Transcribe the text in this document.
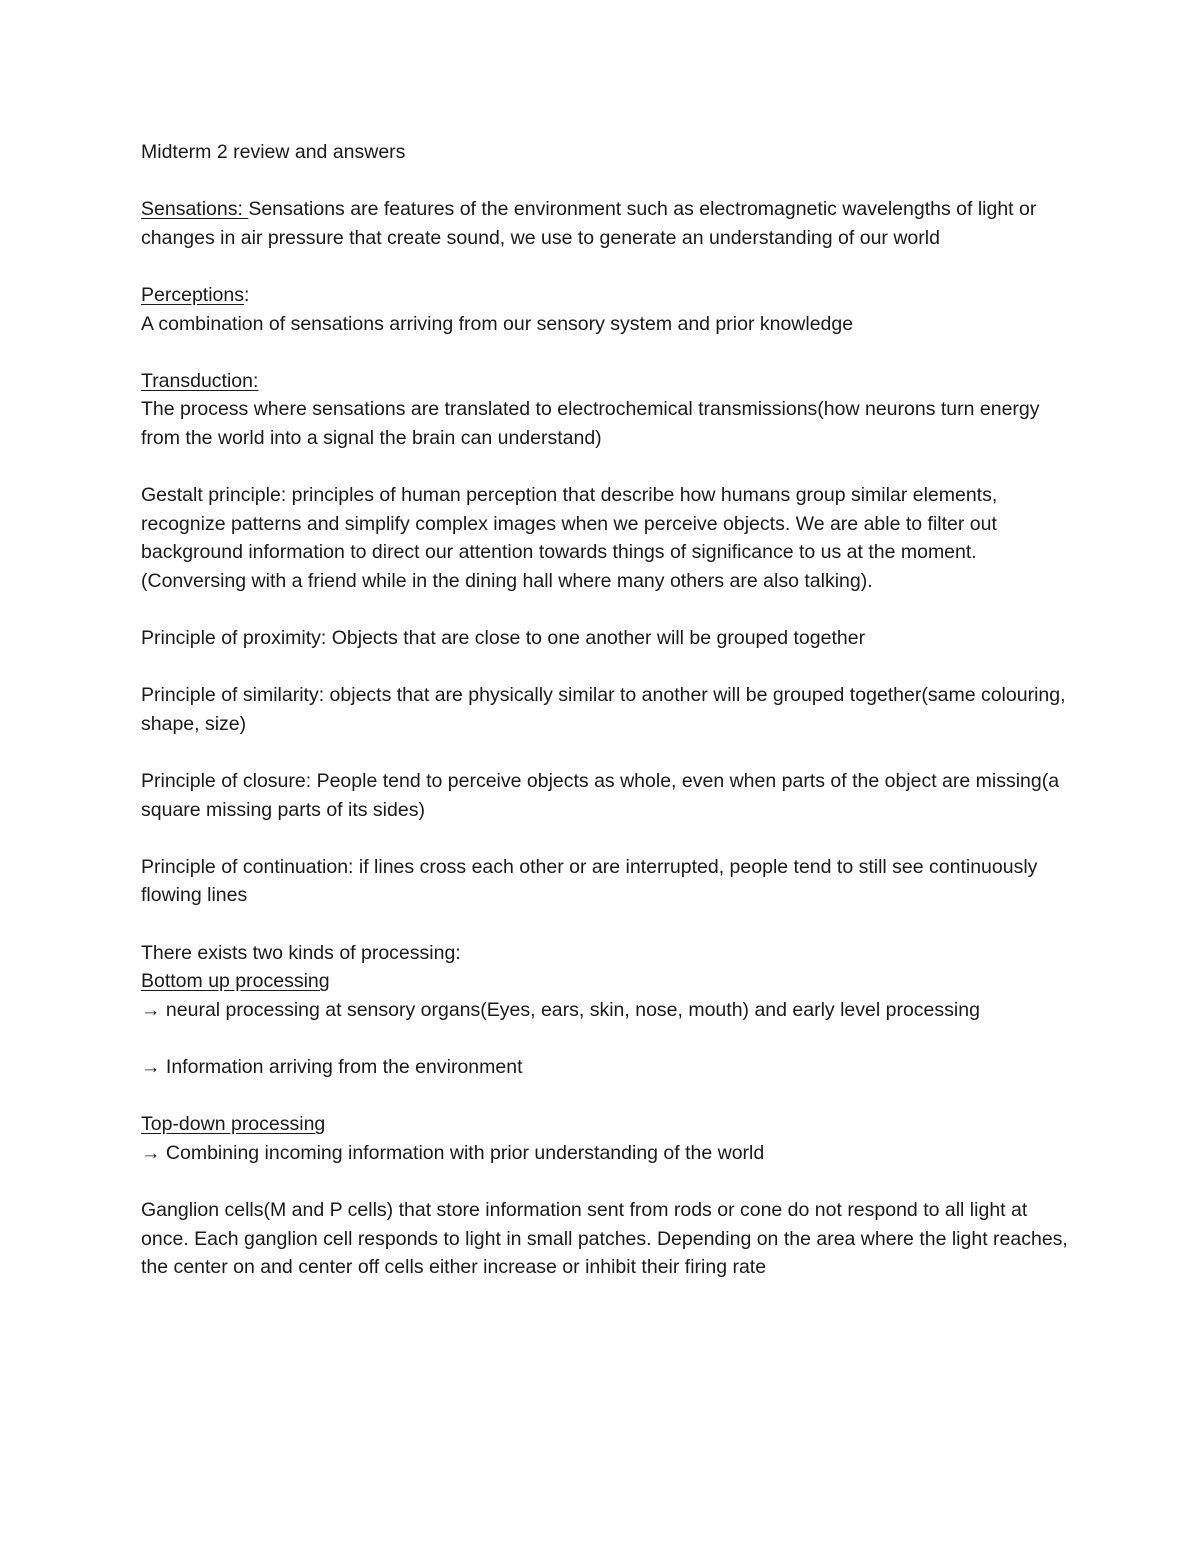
Midterm 2 review and answers

Sensations: Sensations are features of the environment such as electromagnetic wavelengths of light or changes in air pressure that create sound, we use to generate an understanding of our world

Perceptions:

A combination of sensations arriving from our sensory system and prior knowledge

Transduction:

The process where sensations are translated to electrochemical transmissions(how neurons turn energy from the world into a signal the brain can understand)

Gestalt principle: principles of human perception that describe how humans group similar elements, recognize patterns and simplify complex images when we perceive objects. We are able to filter out background information to direct our attention towards things of significance to us at the moment. (Conversing with a friend while in the dining hall where many others are also talking).

Principle of proximity: Objects that are close to one another will be grouped together

Principle of similarity: objects that are physically similar to another will be grouped together(same colouring, shape, size)

Principle of closure: People tend to perceive objects as whole, even when parts of the object are missing(a square missing parts of its sides)

Principle of continuation: if lines cross each other or are interrupted, people tend to still see continuously flowing lines

There exists two kinds of processing:

Bottom up processing

→ neural processing at sensory organs(Eyes, ears, skin, nose, mouth) and early level processing

→ Information arriving from the environment

Top-down processing

→ Combining incoming information with prior understanding of the world

Ganglion cells(M and P cells) that store information sent from rods or cone do not respond to all light at once. Each ganglion cell responds to light in small patches. Depending on the area where the light reaches, the center on and center off cells either increase or inhibit their firing rate
